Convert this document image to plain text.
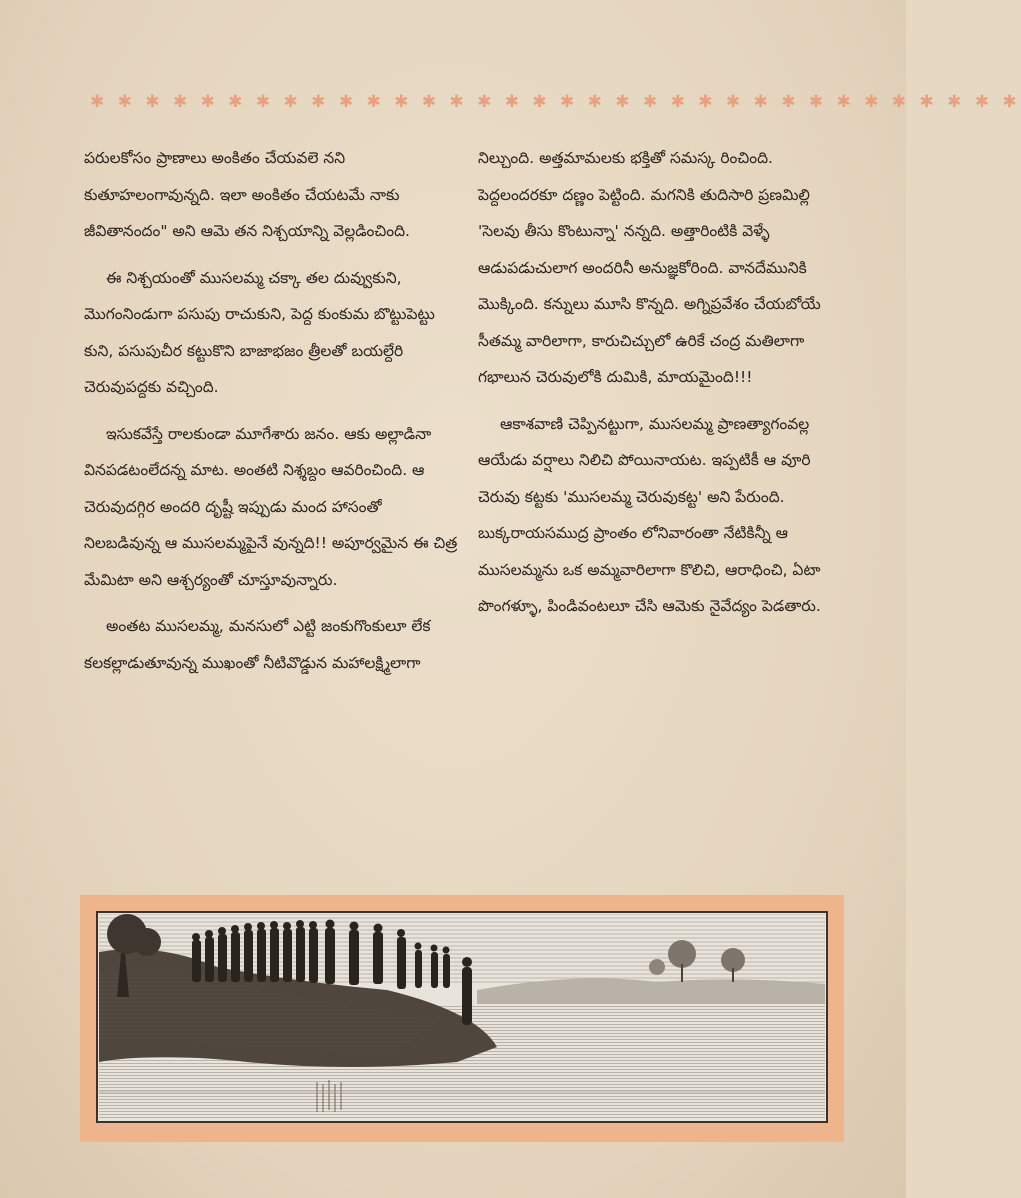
✱ ✱ ✱ ✱ ✱ ✱ ✱ ✱ ✱ ✱ ✱ ✱ ✱ ✱ ✱ ✱ ✱ ✱ ✱ ✱ ✱ ✱ ✱ ✱ ✱ ✱ ✱ ✱ ✱ ✱ ✱ ✱ ✱ ✱

పరులకోసం ప్రాణాలు అంకితం చేయవలె నని కుతూహలంగావున్నది. ఇలా అంకితం చేయటమే నాకు జీవితానందం" అని ఆమె తన నిశ్చయాన్ని వెల్లడించింది.

ఈ నిశ్చయంతో ముసలమ్మ చక్కా తల దువ్వుకుని, మొగంనిండుగా పసుపు రాచుకుని, పెద్ద కుంకుమ బొట్టుపెట్టు కుని, పసుపుచీర కట్టుకొని బాజాభజం త్రీలతో బయల్దేరి చెరువుపద్దకు వచ్చింది.

ఇసుకవేస్తే రాలకుండా మూగేశారు జనం. ఆకు అల్లాడినా వినపడటంలేదన్న మాట. అంతటి నిశ్శబ్దం ఆవరించింది. ఆ చెరువుదగ్గిర అందరి దృష్టీ ఇప్పుడు మంద హాసంతో నిలబడివున్న ఆ ముసలమ్మపైనే వున్నది!! అపూర్వమైన ఈ చిత్ర మేమిటా అని ఆశ్చర్యంతో చూస్తూవున్నారు.

అంతట ముసలమ్మ, మనసులో ఎట్టి జంకుగొంకులూ లేక కలకల్లాడుతూవున్న ముఖంతో నీటివొడ్డున మహాలక్ష్మిలాగా

నిల్చుంది. అత్తమామలకు భక్తితో సమస్క రించింది. పెద్దలందరకూ దణ్ణం పెట్టింది. మగనికి తుదిసారి ప్రణమిల్లి 'సెలవు తీసు కొంటున్నా' నన్నది. అత్తారింటికి వెళ్ళే ఆడుపడుచులాగ అందరినీ అనుజ్ఞకోరింది. వానదేమునికి మొక్కింది. కన్నులు మూసి కొన్నది. అగ్నిప్రవేశం చేయబోయే సీతమ్మ వారిలాగా, కారుచిచ్చులో ఉరికే చంద్ర మతిలాగా గభాలున చెరువులోకి దుమికి, మాయమైంది!!!

ఆకాశవాణి చెప్పినట్టుగా, ముసలమ్మ ప్రాణత్యాగంవల్ల ఆయేడు వర్షాలు నిలిచి పోయినాయట. ఇప్పటికీ ఆ వూరి చెరువు కట్టకు 'ముసలమ్మ చెరువుకట్ట' అని పేరుంది. బుక్కరాయసముద్ర ప్రాంతం లోనివారంతా నేటికిన్నీ ఆ ముసలమ్మను ఒక అమ్మవారిలాగా కొలిచి, ఆరాధించి, ఏటా పొంగళ్ళూ, పిండివంటలూ చేసి ఆమెకు నైవేద్యం పెడతారు.
